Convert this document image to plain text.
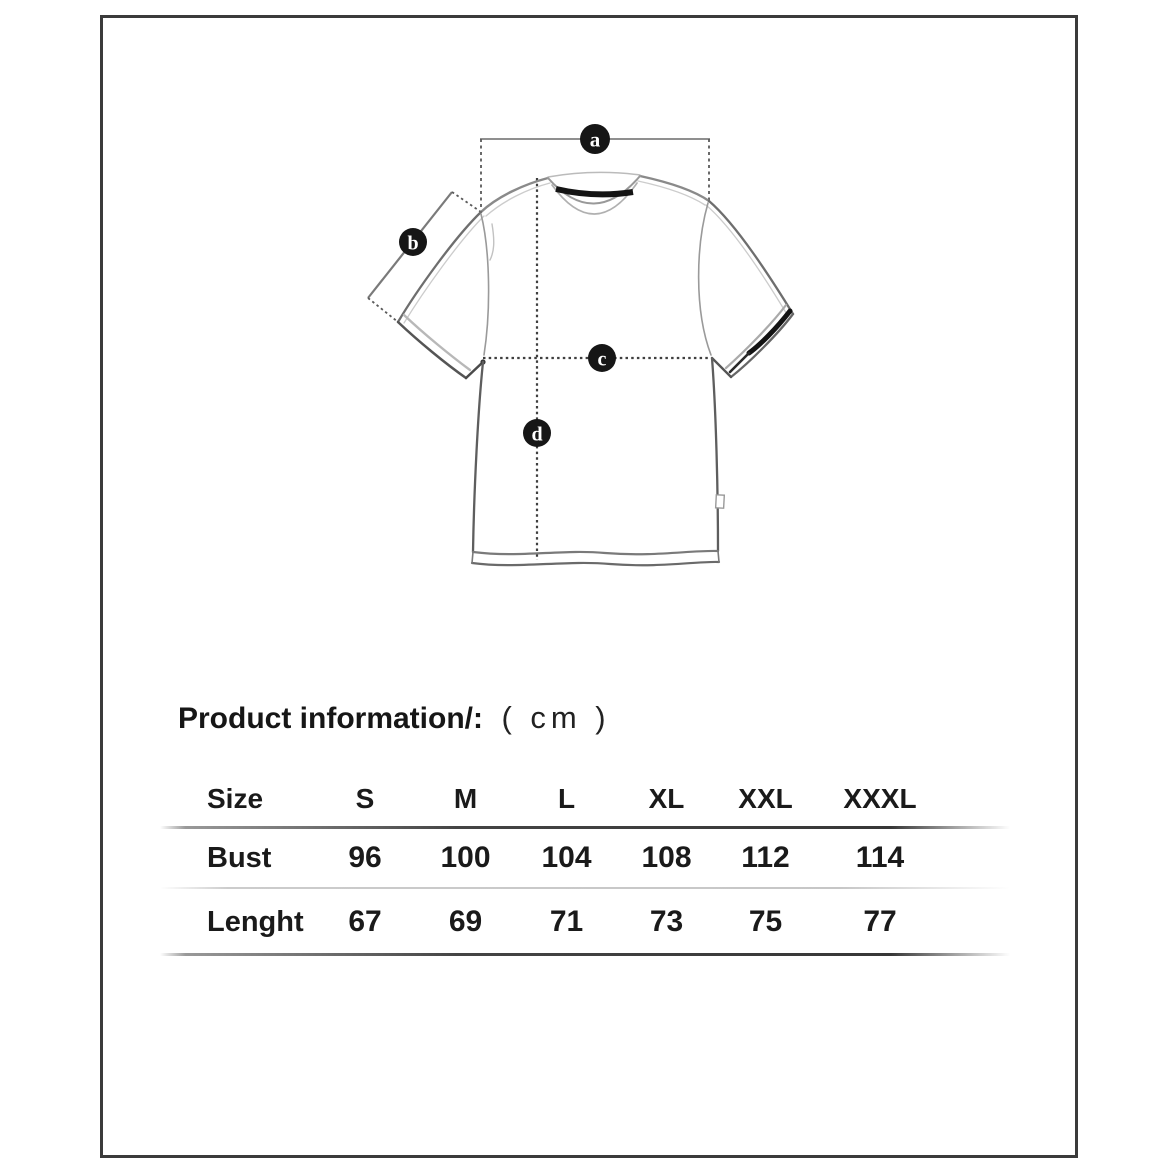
a
b
c
d
Product information/: ( cm )
Size	S	M	L	XL	XXL	XXXL
Bust	96	100	104	108	112	114
Lenght	67	69	71	73	75	77
